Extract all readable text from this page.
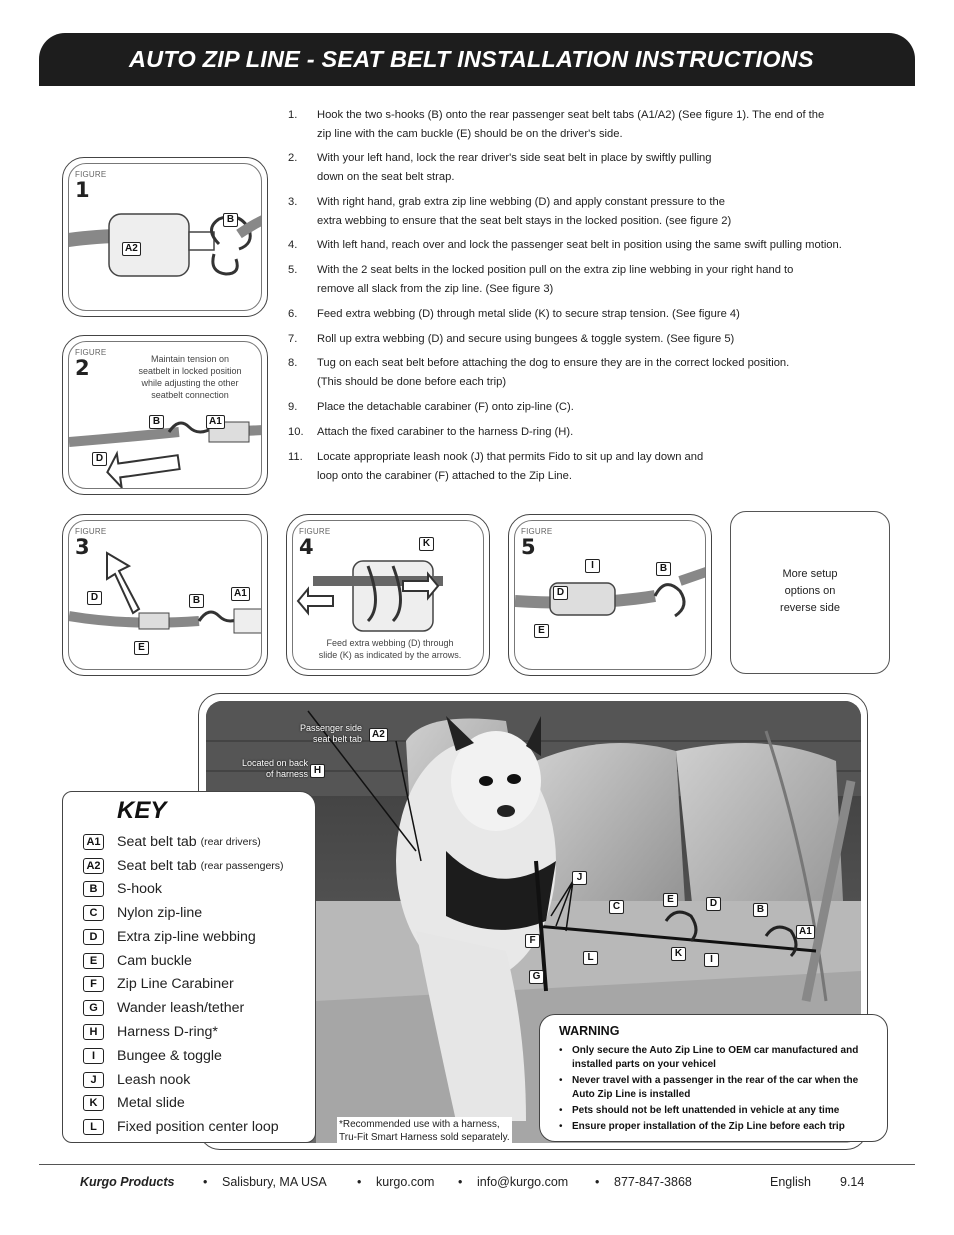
AUTO ZIP LINE - SEAT BELT INSTALLATION INSTRUCTIONS
1.	Hook the two s-hooks (B) onto the rear passenger seat belt tabs (A1/A2) (See figure 1). The end of the
zip line with the cam buckle (E) should be on the driver's side.
2.	With your left hand, lock the rear driver's side seat belt in place by swiftly pulling
down on the seat belt strap.
3.	With right hand, grab extra zip line webbing (D) and apply constant pressure to the
extra webbing to ensure that the seat belt stays in the locked position. (see figure 2)
4.	With left hand, reach over and lock the passenger seat belt in position using the same swift pulling motion.
5.	With the 2 seat belts in the locked position pull on the extra zip line webbing in your right hand to
remove all slack from the zip line. (See figure 3)
6.	Feed extra webbing (D) through metal slide (K) to secure strap tension. (See figure 4)
7.	Roll up extra webbing (D) and secure using bungees & toggle system. (See figure 5)
8.	Tug on each seat belt before attaching the dog to ensure they are in the correct locked position.
(This should be done before each trip)
9.	Place the detachable carabiner (F) onto zip-line (C).
10.	Attach the fixed carabiner to the harness D-ring (H).
11.	Locate appropriate leash nook (J) that permits Fido to sit up and lay down and
loop onto the carabiner (F) attached to the Zip Line.
FIGURE
1
A2
B
FIGURE
2	Maintain tension on
seatbelt in locked position
while adjusting the other
seatbelt connection
B	A1
D
FIGURE
3
D	B
A1
E
FIGURE
4	K
Feed extra webbing (D) through
slide (K) as indicated by the arrows.
FIGURE
5
I	B
D
E

More setup
options on
reverse side

Passenger side
seat belt tab
Located on back
of harness
A2
H
J
C
E	D
B
A1
F
L	K
I
G
KEY
A1 Seat belt tab (rear drivers)
A2 Seat belt tab (rear passengers)
B	S-hook
C	Nylon zip-line
D	Extra zip-line webbing
E	Cam buckle
F	Zip Line Carabiner
G	Wander leash/tether
H	Harness D-ring*
I	Bungee & toggle
J	Leash nook
K	Metal slide
L	Fixed position center loop	*Recommended use with a harness,
Tru-Fit Smart Harness sold separately.
WARNING
• Only secure the Auto Zip Line to OEM car manufactured and installed parts on your vehicel
• Never travel with a passenger in the rear of the car when the Auto Zip Line is installed
• Pets should not be left unattended in vehicle at any time
• Ensure proper installation of the Zip Line before each trip
Kurgo Products • Salisbury, MA USA • kurgo.com • info@kurgo.com • 877-847-3868	English 9.14
